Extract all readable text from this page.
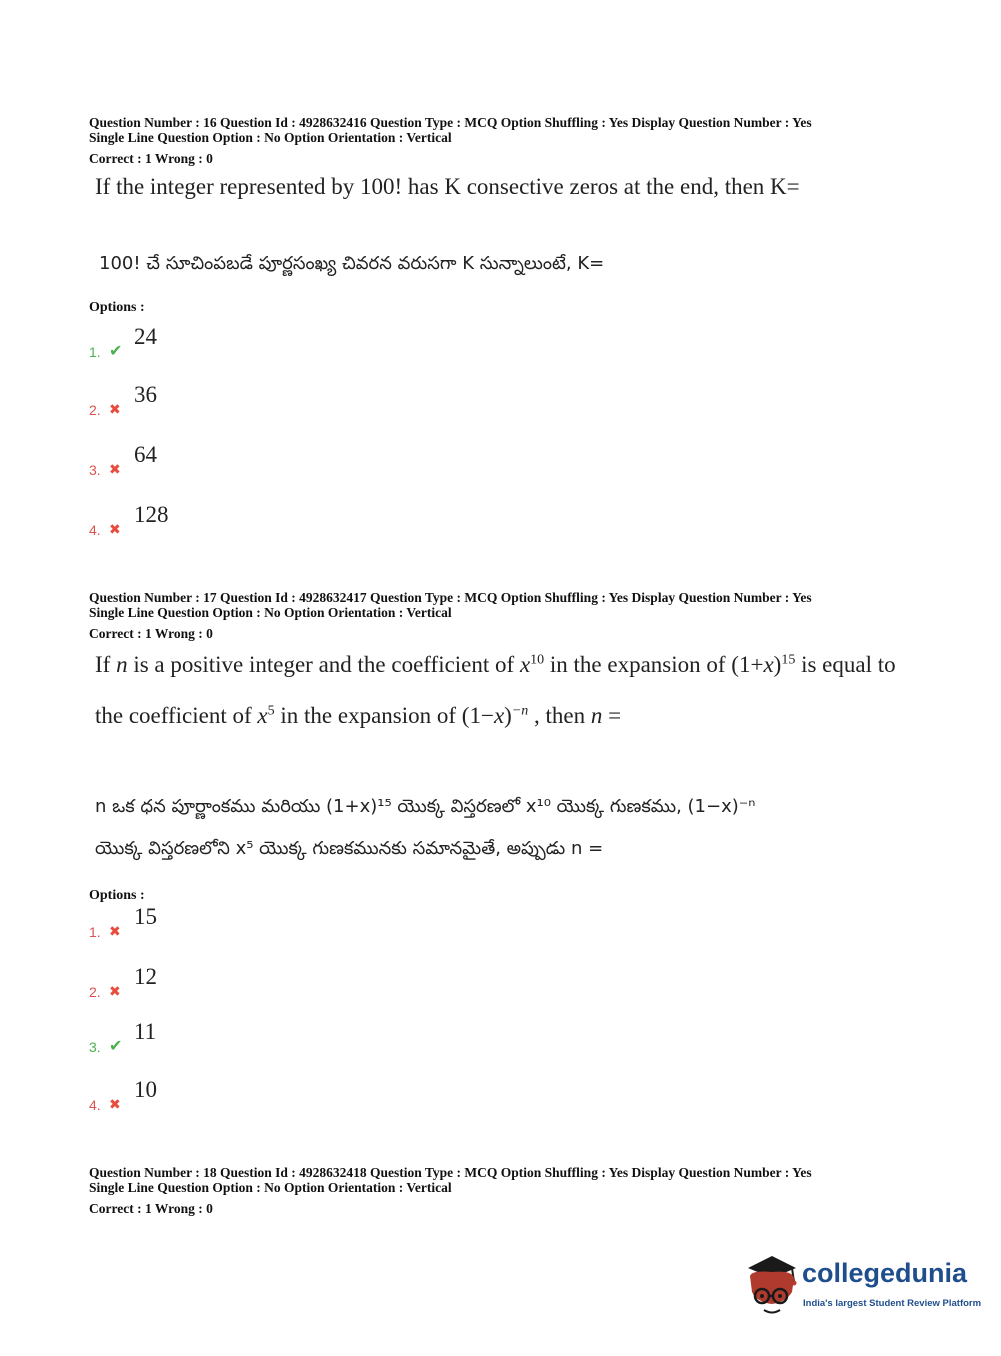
Question Number : 16 Question Id : 4928632416 Question Type : MCQ Option Shuffling : Yes Display Question Number : Yes
Single Line Question Option : No Option Orientation : Vertical
Correct : 1 Wrong : 0
If the integer represented by 100! has K consective zeros at the end, then K=
100! చే సూచింపబడే పూర్ణసంఖ్య చివరన వరుసగా K సున్నాలుంటే, K=
Options :
1. ✔
24
2. ✖
36
3. ✖
64
4. ✖
128
Question Number : 17 Question Id : 4928632417 Question Type : MCQ Option Shuffling : Yes Display Question Number : Yes
Single Line Question Option : No Option Orientation : Vertical
Correct : 1 Wrong : 0
If n is a positive integer and the coefficient of $x^{10}$ in the expansion of $(1+x)^{15}$ is equal to
the coefficient of $x^5$ in the expansion of $(1-x)^{-n}$ , then n =
n ఒక ధన పూర్ణాంకము మరియు (1+x)¹⁵ యొక్క విస్తరణలో x¹⁰ యొక్క గుణకము, (1−x)⁻ⁿ
యొక్క విస్తరణలోని x⁵ యొక్క గుణకమునకు సమానమైతే, అప్పుడు n =
Options :
1. ✖
15
2. ✖
12
3. ✔
11
4. ✖
10
Question Number : 18 Question Id : 4928632418 Question Type : MCQ Option Shuffling : Yes Display Question Number : Yes
Single Line Question Option : No Option Orientation : Vertical
Correct : 1 Wrong : 0
collegedunia
India's largest Student Review Platform
